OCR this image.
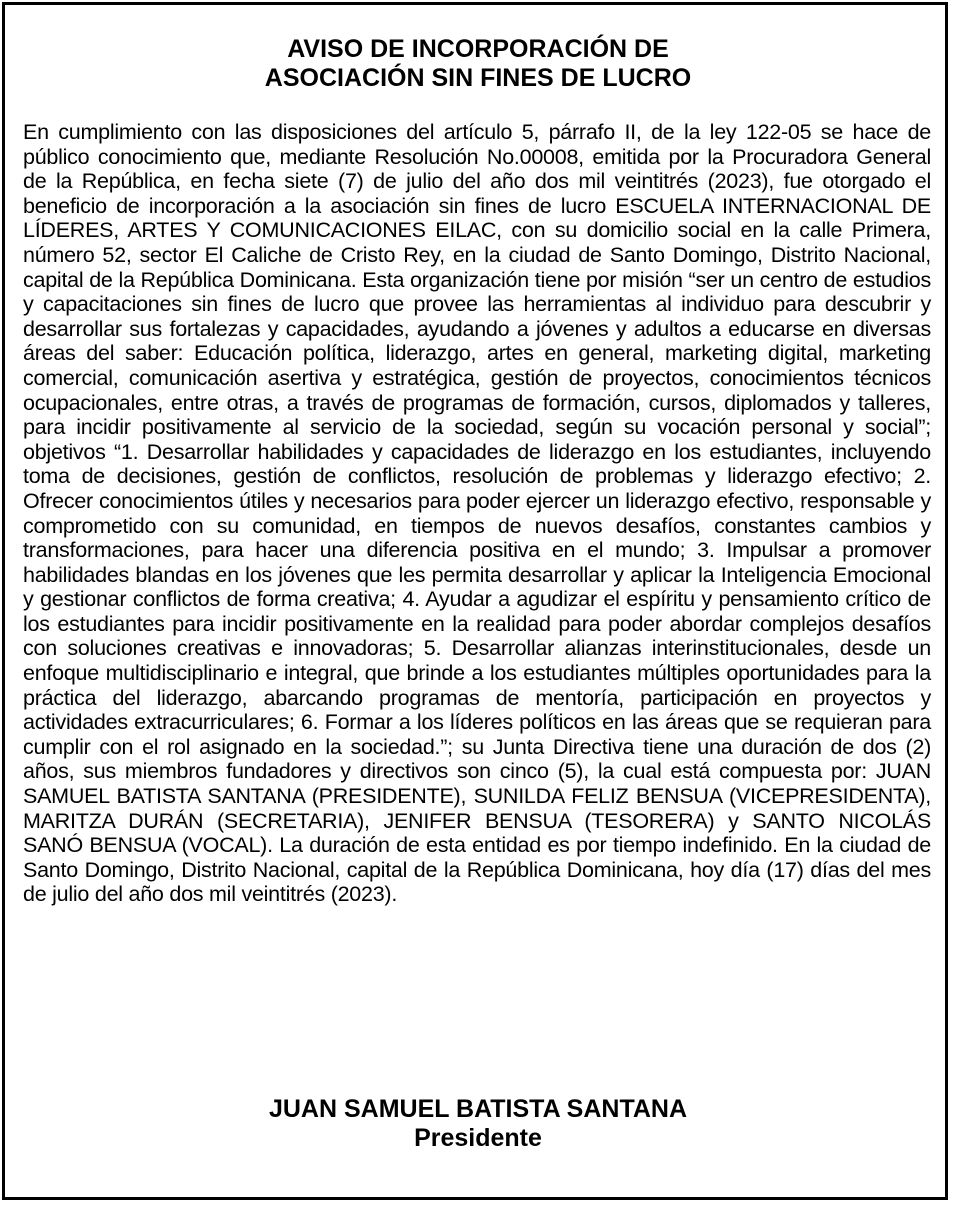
AVISO DE INCORPORACIÓN DE
ASOCIACIÓN SIN FINES DE LUCRO
En cumplimiento con las disposiciones del artículo 5, párrafo II, de la ley 122-05 se hace de público conocimiento que, mediante Resolución No.00008, emitida por la Procuradora General de la República, en fecha siete (7) de julio del año dos mil veintitrés (2023), fue otorgado el beneficio de incorporación a la asociación sin fines de lucro ESCUELA INTERNACIONAL DE LÍDERES, ARTES Y COMUNICACIONES EILAC, con su domicilio social en la calle Primera, número 52, sector El Caliche de Cristo Rey, en la ciudad de Santo Domingo, Distrito Nacional, capital de la República Dominicana. Esta organización tiene por misión “ser un centro de estudios y capacitaciones sin fines de lucro que provee las herramientas al individuo para descubrir y desarrollar sus fortalezas y capacidades, ayudando a jóvenes y adultos a educarse en diversas áreas del saber: Educación política, liderazgo, artes en general, marketing digital, marketing comercial, comunicación asertiva y estratégica, gestión de proyectos, conocimientos técnicos ocupacionales, entre otras, a través de programas de formación, cursos, diplomados y talleres, para incidir positivamente al servicio de la sociedad, según su vocación personal y social”; objetivos “1. Desarrollar habilidades y capacidades de liderazgo en los estudiantes, incluyendo toma de decisiones, gestión de conflictos, resolución de problemas y liderazgo efectivo; 2. Ofrecer conocimientos útiles y necesarios para poder ejercer un liderazgo efectivo, responsable y comprometido con su comunidad, en tiempos de nuevos desafíos, constantes cambios y transformaciones, para hacer una diferencia positiva en el mundo; 3. Impulsar a promover habilidades blandas en los jóvenes que les permita desarrollar y aplicar la Inteligencia Emocional y gestionar conflictos de forma creativa; 4. Ayudar a agudizar el espíritu y pensamiento crítico de los estudiantes para incidir positivamente en la realidad para poder abordar complejos desafíos con soluciones creativas e innovadoras; 5. Desarrollar alianzas interinstitucionales, desde un enfoque multidisciplinario e integral, que brinde a los estudiantes múltiples oportunidades para la práctica del liderazgo, abarcando programas de mentoría, participación en proyectos y actividades extracurriculares; 6. Formar a los líderes políticos en las áreas que se requieran para cumplir con el rol asignado en la sociedad.”; su Junta Directiva tiene una duración de dos (2) años, sus miembros fundadores y directivos son cinco (5), la cual está compuesta por: JUAN SAMUEL BATISTA SANTANA (PRESIDENTE), SUNILDA FELIZ BENSUA (VICEPRESIDENTA), MARITZA DURÁN (SECRETARIA), JENIFER BENSUA (TESORERA) y SANTO NICOLÁS SANÓ BENSUA (VOCAL). La duración de esta entidad es por tiempo indefinido. En la ciudad de Santo Domingo, Distrito Nacional, capital de la República Dominicana, hoy día (17) días del mes de julio del año dos mil veintitrés (2023).
JUAN SAMUEL BATISTA SANTANA
Presidente
